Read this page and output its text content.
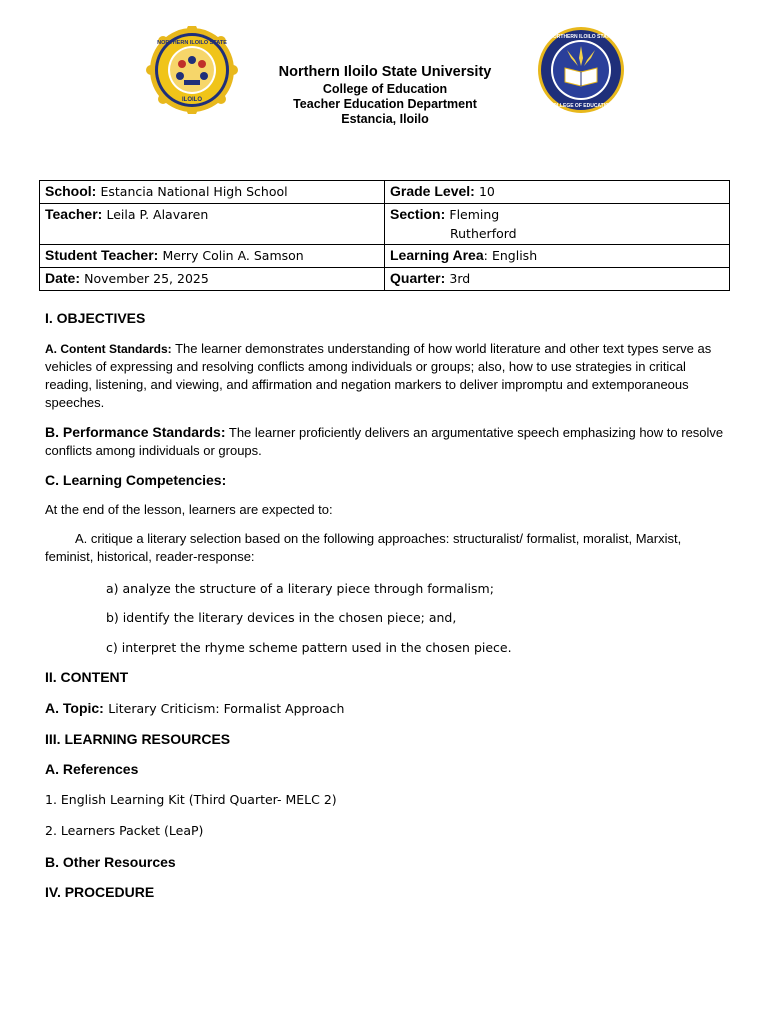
NORTHERN ILOILO STATE
ILOILO
NORTHERN ILOILO STATE
COLLEGE OF EDUCATION
Northern Iloilo State University
College of Education
Teacher Education Department
Estancia, Iloilo
School: Estancia National High School	Grade Level: 10
Teacher: Leila P. Alavaren	Section: Fleming
Rutherford

Student Teacher: Merry Colin A. Samson	Learning Area: English
Date: November 25, 2025	Quarter: 3rd
I. OBJECTIVES
A. Content Standards: The learner demonstrates understanding of how world literature and other text types serve as vehicles of expressing and resolving conflicts among individuals or groups; also, how to use strategies in critical reading, listening, and viewing, and affirmation and negation markers to deliver impromptu and extemporaneous speeches.
B. Performance Standards: The learner proficiently delivers an argumentative speech emphasizing how to resolve conflicts among individuals or groups.
C. Learning Competencies:
At the end of the lesson, learners are expected to:
A. critique a literary selection based on the following approaches: structuralist/ formalist, moralist, Marxist, feminist, historical, reader-response:
a) analyze the structure of a literary piece through formalism;
b) identify the literary devices in the chosen piece; and,
c) interpret the rhyme scheme pattern used in the chosen piece.
II. CONTENT
A. Topic: Literary Criticism: Formalist Approach
III. LEARNING RESOURCES
A. References
1. English Learning Kit (Third Quarter- MELC 2)
2. Learners Packet (LeaP)
B. Other Resources
IV. PROCEDURE
